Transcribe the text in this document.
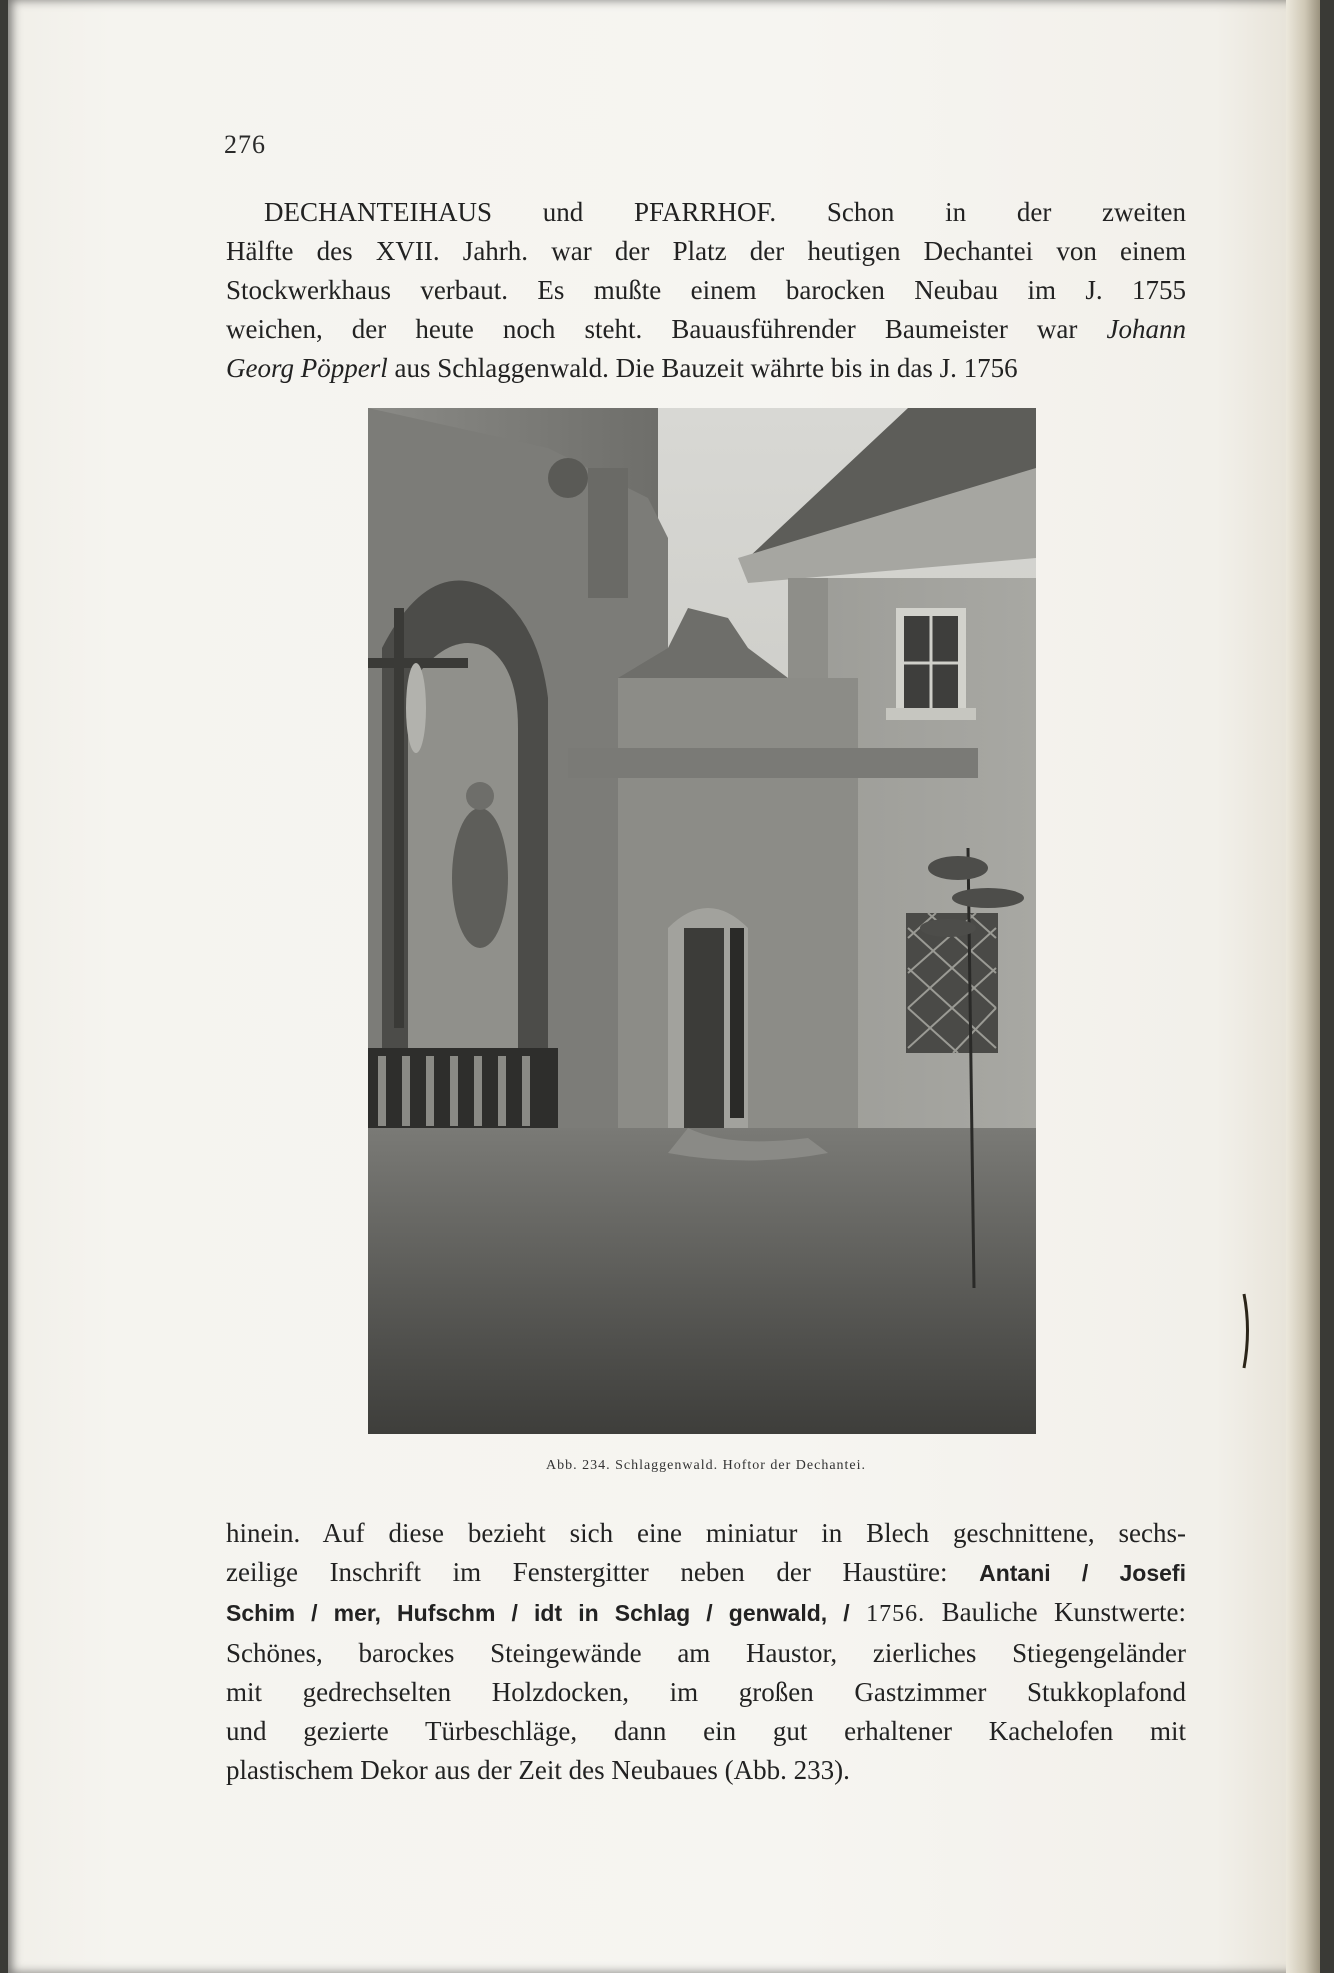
276
DECHANTEIHAUS und PFARRHOF. Schon in der zweiten
Hälfte des XVII. Jahrh. war der Platz der heutigen Dechantei von einem
Stockwerkhaus verbaut. Es mußte einem barocken Neubau im J. 1755
weichen, der heute noch steht. Bauausführender Baumeister war Johann
Georg Pöpperl aus Schlaggenwald. Die Bauzeit währte bis in das J. 1756
Abb. 234. Schlaggenwald. Hoftor der Dechantei.
hinein. Auf diese bezieht sich eine miniatur in Blech geschnittene, sechs-
zeilige Inschrift im Fenstergitter neben der Haustüre: Antani / Josefi
Schim / mer, Hufschm / idt in Schlag / genwald, / 1756. Bauliche Kunstwerte:
Schönes, barockes Steingewände am Haustor, zierliches Stiegengeländer
mit gedrechselten Holzdocken, im großen Gastzimmer Stukkoplafond
und gezierte Türbeschläge, dann ein gut erhaltener Kachelofen mit
plastischem Dekor aus der Zeit des Neubaues (Abb. 233).
